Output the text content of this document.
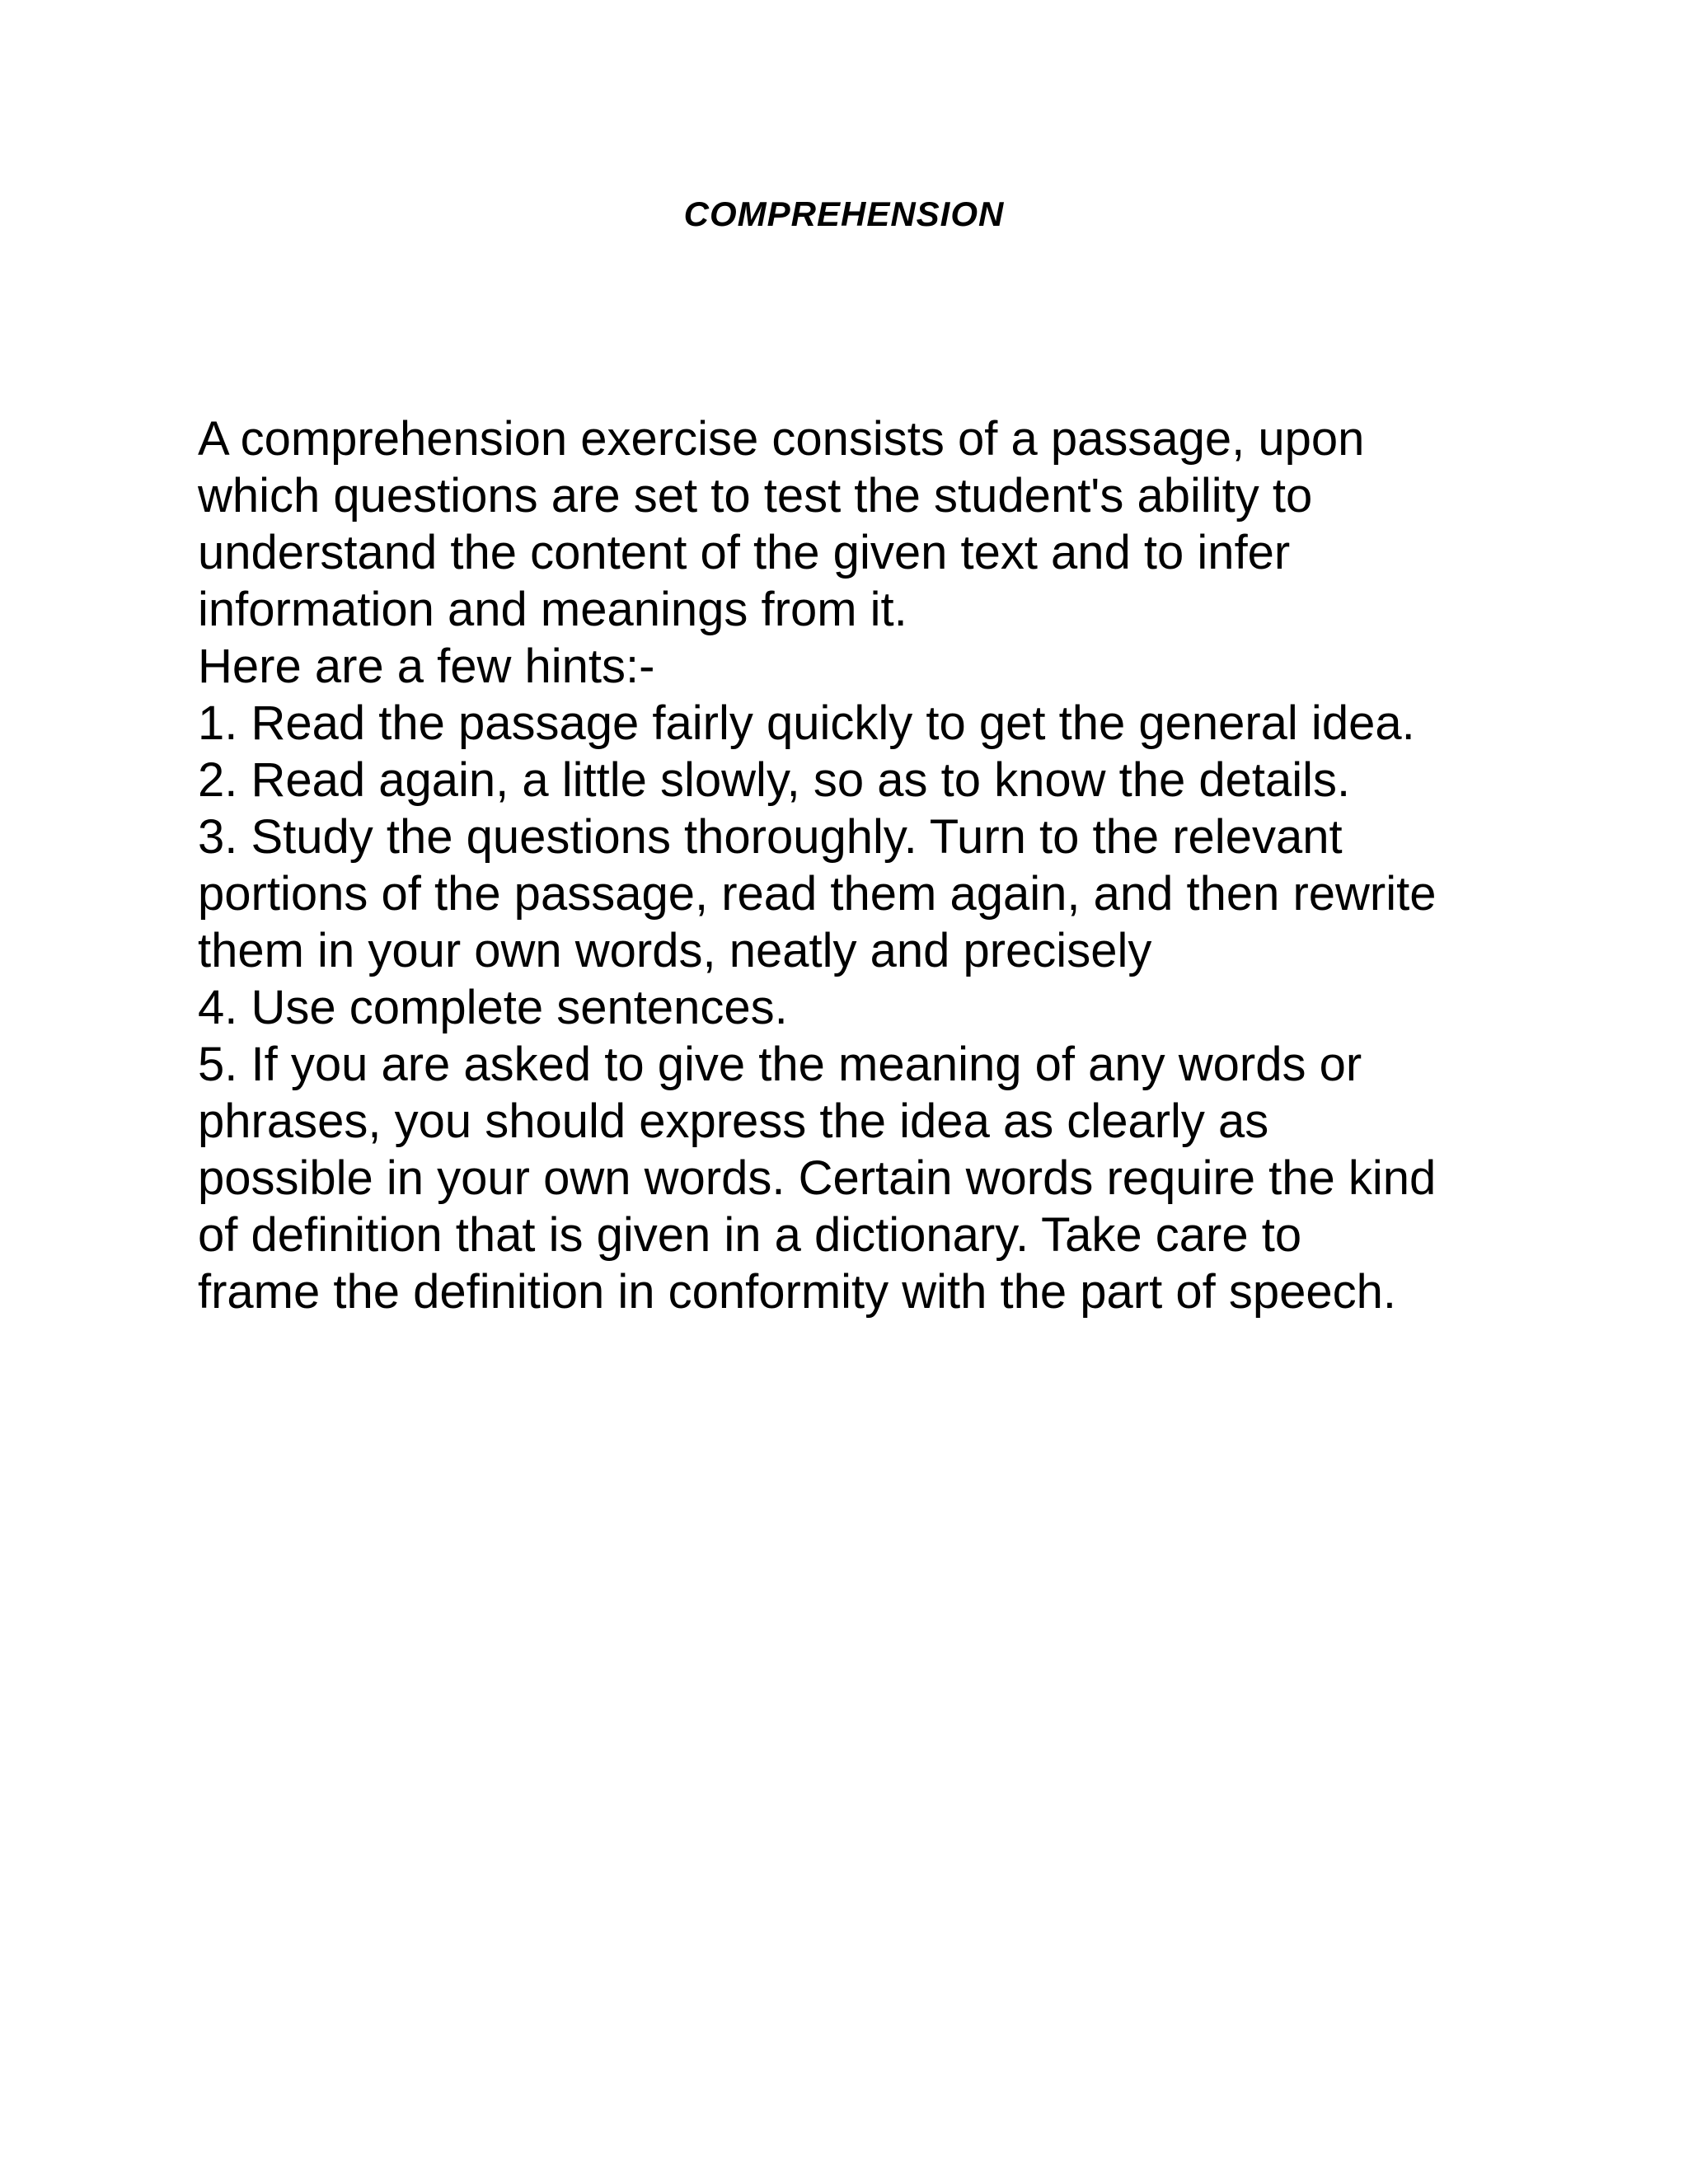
COMPREHENSION
A comprehension exercise consists of a passage, upon
which questions are set to test the student's ability to
understand the content of the given text and to infer
information and meanings from it.
Here are a few hints:-
1. Read the passage fairly quickly to get the general idea.
2. Read again, a little slowly, so as to know the details.
3. Study the questions thoroughly. Turn to the relevant
portions of the passage, read them again, and then rewrite
them in your own words, neatly and precisely
4. Use complete sentences.
5. If you are asked to give the meaning of any words or
phrases, you should express the idea as clearly as
possible in your own words. Certain words require the kind
of definition that is given in a dictionary. Take care to
frame the definition in conformity with the part of speech.
